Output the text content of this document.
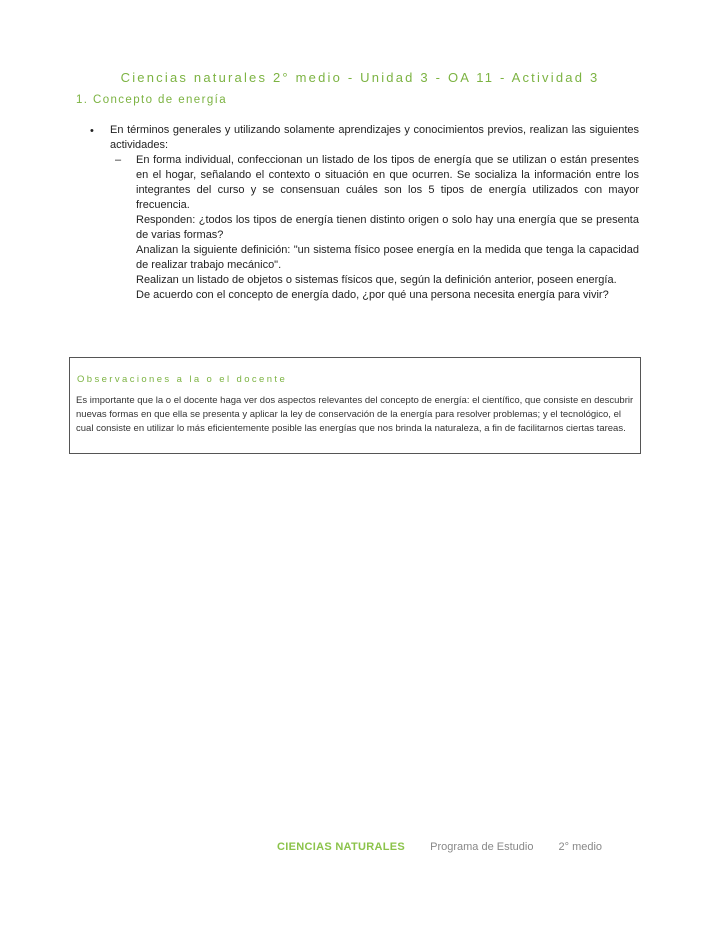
Ciencias naturales 2° medio - Unidad 3 - OA 11 - Actividad 3
1. Concepto de energía
• En términos generales y utilizando solamente aprendizajes y conocimientos previos, realizan las siguientes actividades:
– En forma individual, confeccionan un listado de los tipos de energía que se utilizan o están presentes en el hogar, señalando el contexto o situación en que ocurren. Se socializa la información entre los integrantes del curso y se consensuan cuáles son los 5 tipos de energía utilizados con mayor frecuencia.
Responden: ¿todos los tipos de energía tienen distinto origen o solo hay una energía que se presenta de varias formas?
Analizan la siguiente definición: "un sistema físico posee energía en la medida que tenga la capacidad de realizar trabajo mecánico".
Realizan un listado de objetos o sistemas físicos que, según la definición anterior, poseen energía.
De acuerdo con el concepto de energía dado, ¿por qué una persona necesita energía para vivir?
Observaciones a la o el docente
Es importante que la o el docente haga ver dos aspectos relevantes del concepto de energía: el científico, que consiste en descubrir nuevas formas en que ella se presenta y aplicar la ley de conservación de la energía para resolver problemas; y el tecnológico, el cual consiste en utilizar lo más eficientemente posible las energías que nos brinda la naturaleza, a fin de facilitarnos ciertas tareas.
CIENCIAS NATURALES Programa de Estudio 2° medio
